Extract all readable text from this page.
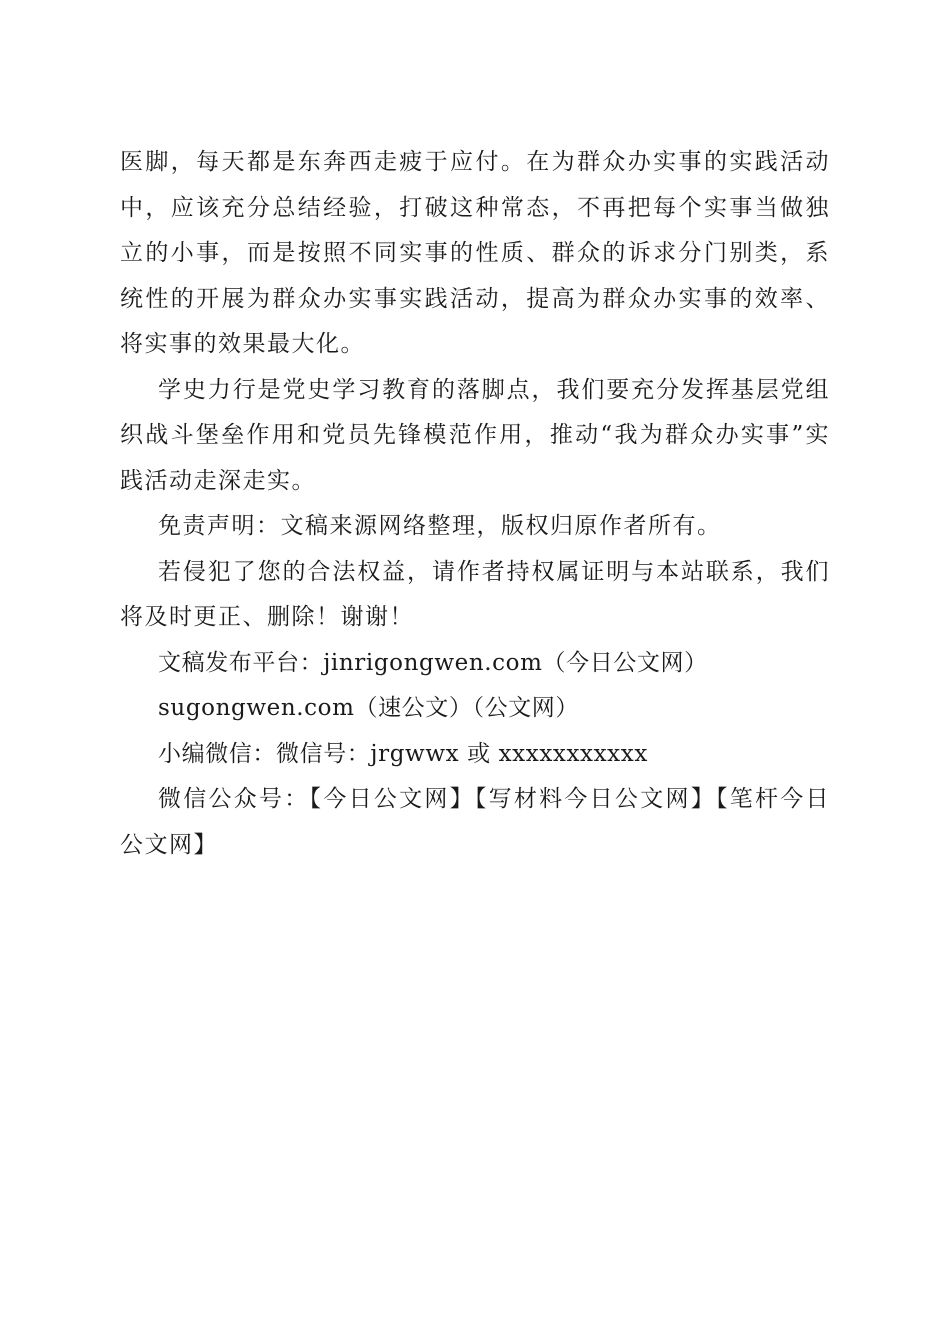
医脚，每天都是东奔西走疲于应付。在为群众办实事的实践活动中，应该充分总结经验，打破这种常态，不再把每个实事当做独立的小事，而是按照不同实事的性质、群众的诉求分门别类，系统性的开展为群众办实事实践活动，提高为群众办实事的效率、将实事的效果最大化。

学史力行是党史学习教育的落脚点，我们要充分发挥基层党组织战斗堡垒作用和党员先锋模范作用，推动“我为群众办实事”实践活动走深走实。

免责声明：文稿来源网络整理，版权归原作者所有。

若侵犯了您的合法权益，请作者持权属证明与本站联系，我们将及时更正、删除！谢谢！

文稿发布平台：jinrigongwen.com（今日公文网）

sugongwen.com（速公文）（公文网）

小编微信：微信号：jrgwwx 或 xxxxxxxxxxx

微信公众号：【今日公文网】【写材料今日公文网】【笔杆今日公文网】
